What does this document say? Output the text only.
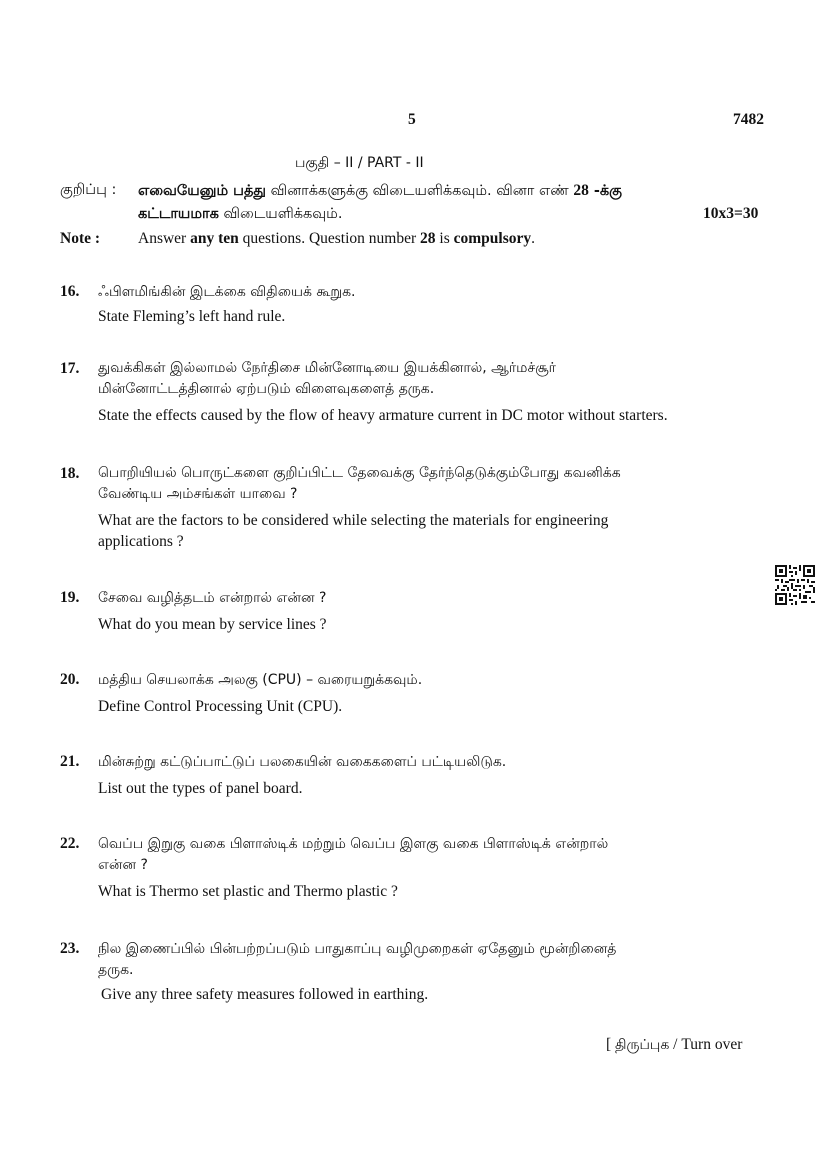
5	7482
பகுதி – II / PART - II
குறிப்பு : எவையேனும் பத்து வினாக்களுக்கு விடையளிக்கவும். வினா எண் 28 -க்கு
கட்டாயமாக விடையளிக்கவும்.	10x3=30
Note : Answer any ten questions. Question number 28 is compulsory.
16. ஃபிளமிங்கின் இடக்கை விதியைக் கூறுக.
State Fleming’s left hand rule.
17. துவக்கிகள் இல்லாமல் நேர்திசை மின்னோடியை இயக்கினால், ஆர்மச்சூர்
மின்னோட்டத்தினால் ஏற்படும் விளைவுகளைத் தருக.
State the effects caused by the flow of heavy armature current in DC motor without starters.
18. பொறியியல் பொருட்களை குறிப்பிட்ட தேவைக்கு தேர்ந்தெடுக்கும்போது கவனிக்க
வேண்டிய அம்சங்கள் யாவை ?
What are the factors to be considered while selecting the materials for engineering
applications ?
19. சேவை வழித்தடம் என்றால் என்ன ?
What do you mean by service lines ?
20. மத்திய செயலாக்க அலகு (CPU) – வரையறுக்கவும்.
Define Control Processing Unit (CPU).
21. மின்சுற்று கட்டுப்பாட்டுப் பலகையின் வகைகளைப் பட்டியலிடுக.
List out the types of panel board.
22. வெப்ப இறுகு வகை பிளாஸ்டிக் மற்றும் வெப்ப இளகு வகை பிளாஸ்டிக் என்றால்
என்ன ?
What is Thermo set plastic and Thermo plastic ?
23. நில இணைப்பில் பின்பற்றப்படும் பாதுகாப்பு வழிமுறைகள் ஏதேனும் மூன்றினைத்
தருக.
Give any three safety measures followed in earthing.
[ திருப்புக / Turn over
